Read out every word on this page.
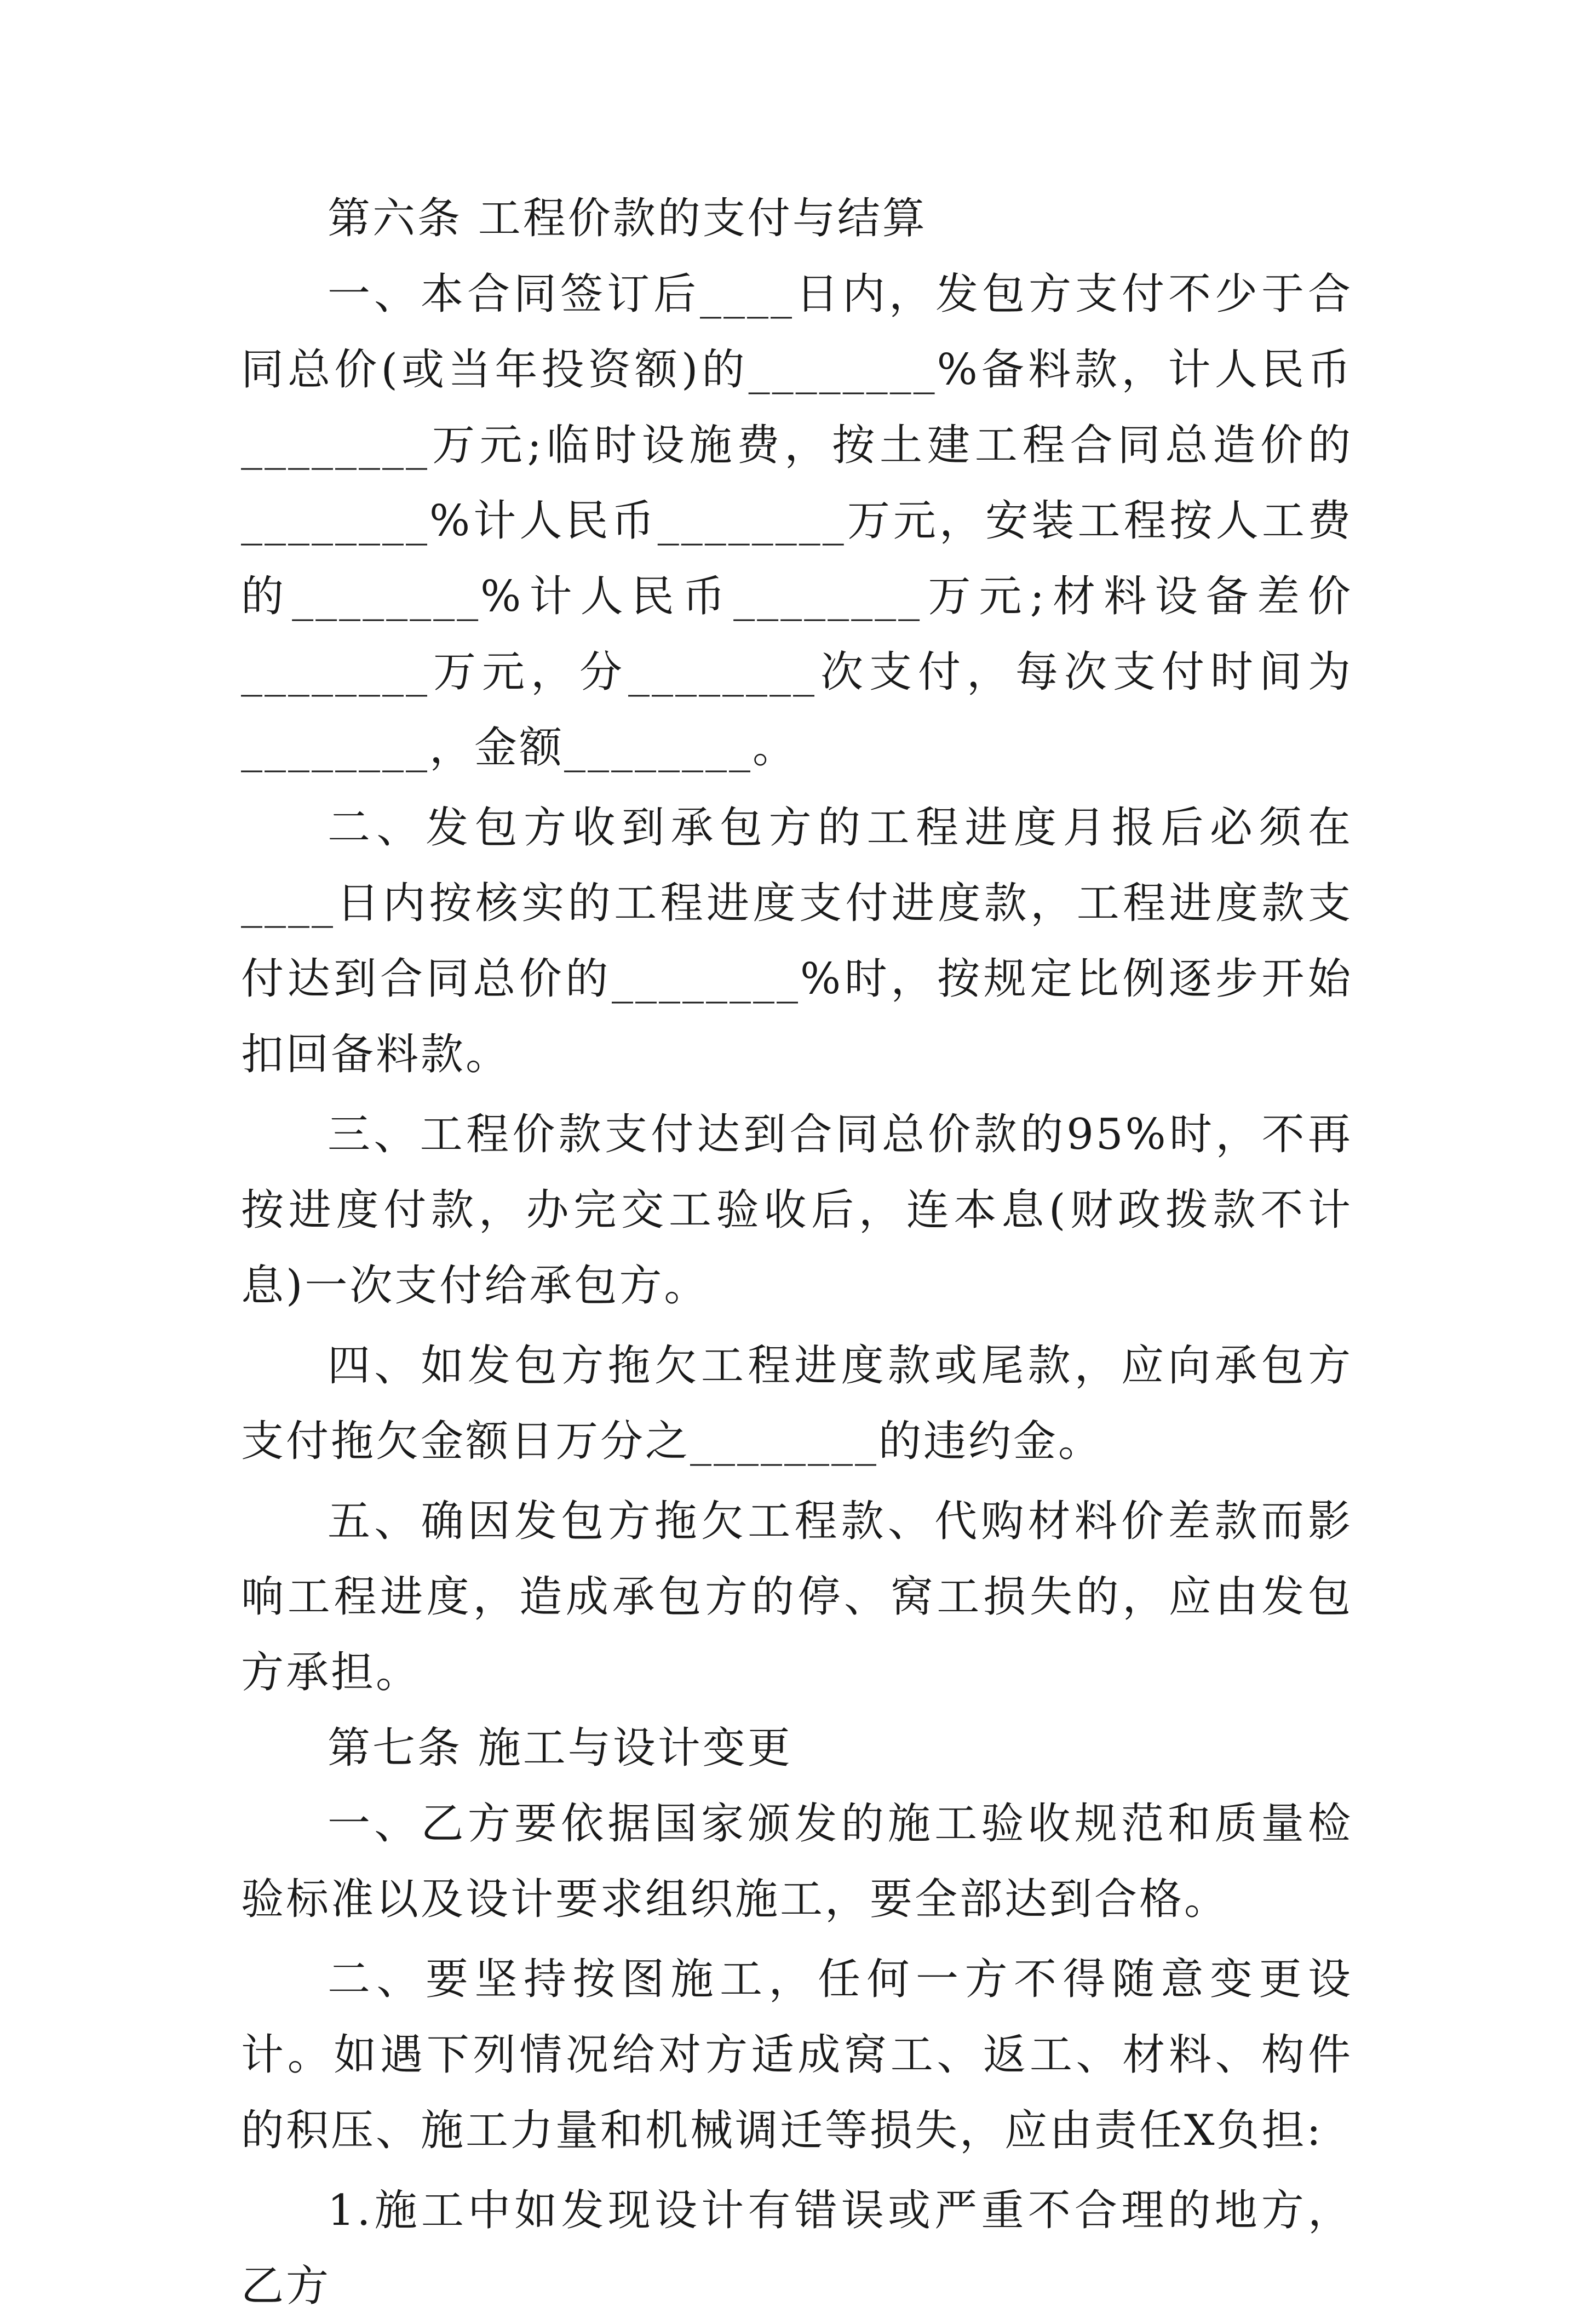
第六条 工程价款的支付与结算

一、本合同签订后____日内，发包方支付不少于合同总价(或当年投资额)的________%备料款，计人民币________万元;临时设施费，按土建工程合同总造价的________%计人民币________万元，安装工程按人工费的________%计人民币________万元;材料设备差价________万元，分________次支付，每次支付时间为________，金额________。

二、发包方收到承包方的工程进度月报后必须在____日内按核实的工程进度支付进度款，工程进度款支付达到合同总价的________%时，按规定比例逐步开始扣回备料款。

三、工程价款支付达到合同总价款的95%时，不再按进度付款，办完交工验收后，连本息(财政拨款不计息)一次支付给承包方。

四、如发包方拖欠工程进度款或尾款，应向承包方支付拖欠金额日万分之________的违约金。

五、确因发包方拖欠工程款、代购材料价差款而影响工程进度，造成承包方的停、窝工损失的，应由发包方承担。

第七条 施工与设计变更

一、乙方要依据国家颁发的施工验收规范和质量检验标准以及设计要求组织施工，要全部达到合格。

二、要坚持按图施工，任何一方不得随意变更设计。如遇下列情况给对方适成窝工、返工、材料、构件的积压、施工力量和机械调迁等损失，应由责任X负担:

1.施工中如发现设计有错误或严重不合理的地方，乙方
